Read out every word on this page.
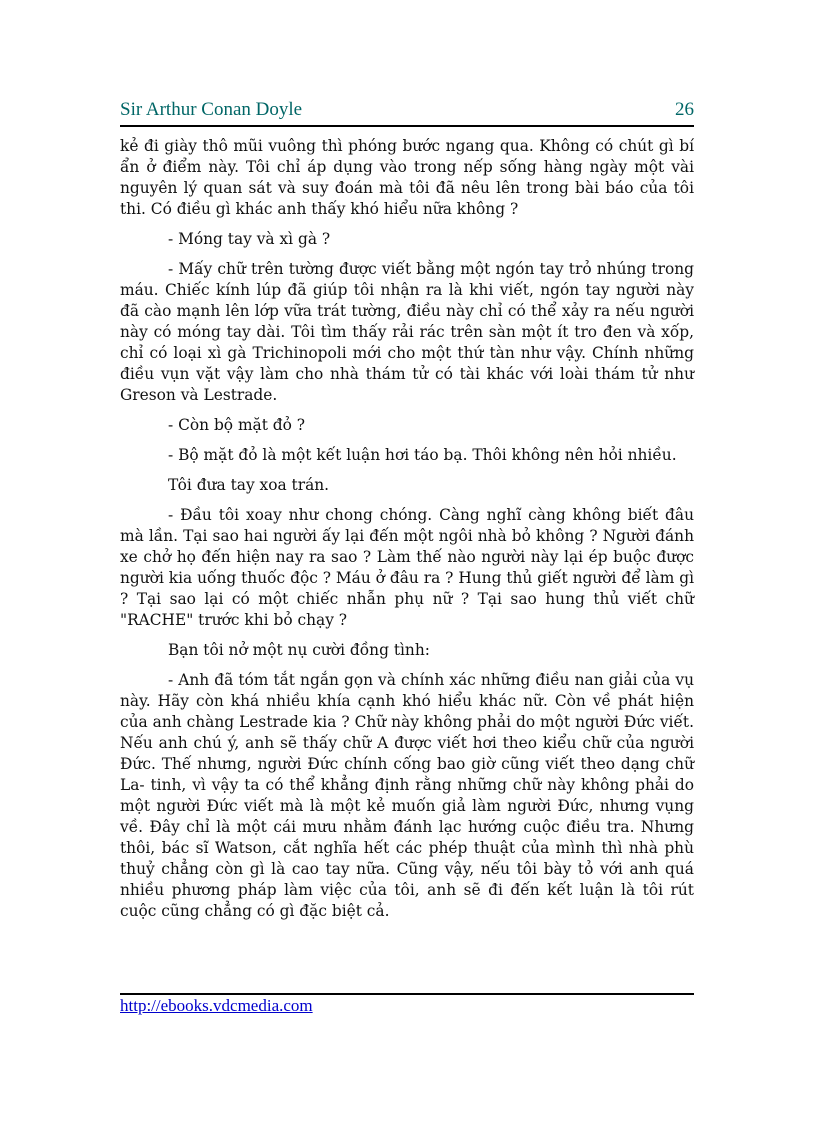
Sir Arthur Conan Doyle	26

kẻ đi giày thô mũi vuông thì phóng bước ngang qua. Không có chút gì bí ẩn ở điểm này. Tôi chỉ áp dụng vào trong nếp sống hàng ngày một vài nguyên lý quan sát và suy đoán mà tôi đã nêu lên trong bài báo của tôi thi. Có điều gì khác anh thấy khó hiểu nữa không ?

- Móng tay và xì gà ?

- Mấy chữ trên tường được viết bằng một ngón tay trỏ nhúng trong máu. Chiếc kính lúp đã giúp tôi nhận ra là khi viết, ngón tay người này đã cào mạnh lên lớp vữa trát tường, điều này chỉ có thể xảy ra nếu người này có móng tay dài. Tôi tìm thấy rải rác trên sàn một ít tro đen và xốp, chỉ có loại xì gà Trichinopoli mới cho một thứ tàn như vậy. Chính những điều vụn vặt vậy làm cho nhà thám tử có tài khác với loài thám tử như Greson và Lestrade.

- Còn bộ mặt đỏ ?

- Bộ mặt đỏ là một kết luận hơi táo bạ. Thôi không nên hỏi nhiều.

Tôi đưa tay xoa trán.

- Đầu tôi xoay như chong chóng. Càng nghĩ càng không biết đâu mà lần. Tại sao hai người ấy lại đến một ngôi nhà bỏ không ? Người đánh xe chở họ đến hiện nay ra sao ? Làm thế nào người này lại ép buộc được người kia uống thuốc độc ? Máu ở đâu ra ? Hung thủ giết người để làm gì ? Tại sao lại có một chiếc nhẫn phụ nữ ? Tại sao hung thủ viết chữ "RACHE" trước khi bỏ chạy ?

Bạn tôi nở một nụ cười đồng tình:

- Anh đã tóm tắt ngắn gọn và chính xác những điều nan giải của vụ này. Hãy còn khá nhiều khía cạnh khó hiểu khác nữ. Còn về phát hiện của anh chàng Lestrade kia ? Chữ này không phải do một người Đức viết. Nếu anh chú ý, anh sẽ thấy chữ A được viết hơi theo kiểu chữ của người Đức. Thế nhưng, người Đức chính cống bao giờ cũng viết theo dạng chữ La- tinh, vì vậy ta có thể khẳng định rằng những chữ này không phải do một người Đức viết mà là một kẻ muốn giả làm người Đức, nhưng vụng về. Đây chỉ là một cái mưu nhằm đánh lạc hướng cuộc điều tra. Nhưng thôi, bác sĩ Watson, cắt nghĩa hết các phép thuật của mình thì nhà phù thuỷ chẳng còn gì là cao tay nữa. Cũng vậy, nếu tôi bày tỏ với anh quá nhiều phương pháp làm việc của tôi, anh sẽ đi đến kết luận là tôi rút cuộc cũng chẳng có gì đặc biệt cả.

http://ebooks.vdcmedia.com
